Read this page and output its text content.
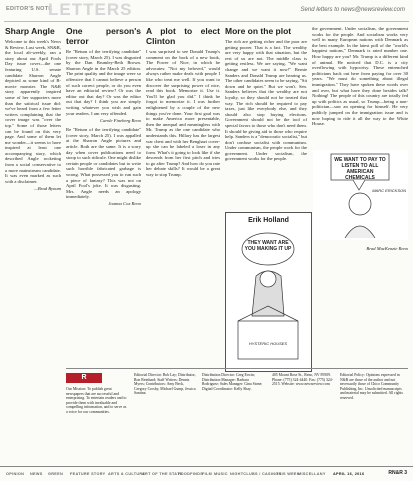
EDITOR'S NOTE
LETTERS	Send letters to news@newsreview.com
Sharp Angle

Welcome to this week's News & Review. Last week, SN&R, the local alt-weekly, ran a story about our April Fools Day issue cover—the one featuring U.S. senate candidate Sharron Angle depicted as some kind of B-movie monster. The N&R story apparently inspired some of her supporters more than the satirical issue did: we've heard from a few letter writers complaining that the cover image was "over the top." Some of those letters can be found on this very page. And some of them let me wonder—it seems to have inspired at least one accompanying story, which described Angle rocketing from a social conservative to a more mainstream candidate. It was even marked as such with a disclaimer.

—Brad Bynum
One person's terror

Re "Return of the terrifying candidate" (cover story, March 25). I was disgusted by the Dan Brumley-Beth Brown. Sharron Angle in the March 25 edition. The print quality and the image were so offensive that I cannot believe a person of such correct people, or do you even have an editorial review? Or was the editor out that day? Or was the editor out that day? I think you are simply writing whatever you wish and gain your readers. I am very offended.

Carole Fineberg Reno

Re "Return of the terrifying candidate" (cover story, March 25). I was appalled at the Sharron Angle pictures and article. Both are the same. It is a sorry day when cover publications need to stoop to such ridicule. One might dislike certain people or candidates but to write such horrible fabricated garbage is wrong. What possessed you to run such a piece of fantasy? This was not on April Fool's joke. It was disgusting. Mrs. Angle needs an apology immediately.

Joanna Cox Reno
A plot to elect Clinton

I was surprised to see Donald Trump's comment on the back of a new book, The Power of Nice, in which he advocates: "Not my beloved," would always rather make deals with people I like who treat me well. If you want to discover the surprising power of nice, read this book. Memorize it. Use it. You'll be glad you did." I think he forgot to memorize it. I was further enlightened by a couple of the new things you've done. Your first goal was to make America more presentable, then the unequal and meaningless with Mr. Trump as the one candidate who understands this. Hillary has the largest war chest and with her Benghazi cover-up she can be labeled a loser in any form. What's it going to look like if she descends from her first pitch and tries to go after Trump? And how do you rate her debate skills? It would be a great way to stop Trump.

More on the plot

The rich are getting richer and the poor are getting poorer. That is a fact. The wealthy are very happy with that situation, but the rest of us are not. The middle class is getting restless. We are saying, "We want change and we want it now!" Bernie Sanders and Donald Trump are hearing us. The other candidates seem to be saying, "Sit down and be quiet." But we won't. Sen. Sanders believes that the wealthy are not loyalty, so they should not be treated that way. The rich should be required to pay taxes, just like everybody else, and they should also stop buying elections. Government should not be the tool of special favors to those who don't need them. It should be giving aid to those who require help. Sanders is a "democratic socialist," but don't confuse socialist with communism. Under communism, the people work for the government. Under socialism, the government works for the people.

Erik Holland
THEY WANT ARE YOU MAKING IT UP
HYSTERIC HOUSES

the government. Under socialism, the government works for the people. And socialism works very well in many European nations with Denmark as the best example. In the latest poll of the "world's happiest nations," Denmark is rated number one. How happy are you? Mr. Trump is a different kind of animal. He noticed that D.C. is a city overflowing with hypocrisy. These entrenched politicians back out here from paying for over 30 years. "We must do something about illegal immigration." They have spoken these words over and over, but what have they done besides talk? Nothing! The people of this country are totally fed up with politics as usual, so Trump—being a non-politician—saw an opening for himself. He very publicly jumped on the immigration issue and is now hoping to ride it all the way to the White House.

WE WANT TO PAY TO LISTEN TO ALL AMERICAN CHEMICALS
MARC ERICKSON
Brad MacKenzie Reno
R
Our Mission: To publish great newspapers that are successful and enterprising. To entertain readers and to provide them with invaluable and compelling information, and to serve as a voice for our communities.
Editorial Director: Bob Lay; Distributor, Ron Reinhard; Staff Writers: Dennis Myers; Contributors: Amy Beck, Gregory Crosby, Michael Gump, Jessica Santina.
Distribution Director: Greg Erwin; Distribution Manager: Barbara Rodriguez; Sales Manager: Gina Stone; Digital Coordinator: Kelly Shay.
405 Mount Rose St., Reno, NV 89509. Phone: (775) 324-4440. Fax: (775) 324-2515. Website: www.newsreview.com
Editorial Policy: Opinions expressed in N&R are those of the author and not necessarily those of Chico Community Publishing, Inc. Unsolicited manuscripts and material may be submitted. All rights reserved.
OPINION NEWS GREEN FEATURE STORY ARTS & CULTURE
ART OF THE STATE
FOODFINDS
FILM MUSIC NIGHTCLUBS / CASINOS
THIS WEEK
MISCELLANY APRIL 16, 2016	RN&R 3
